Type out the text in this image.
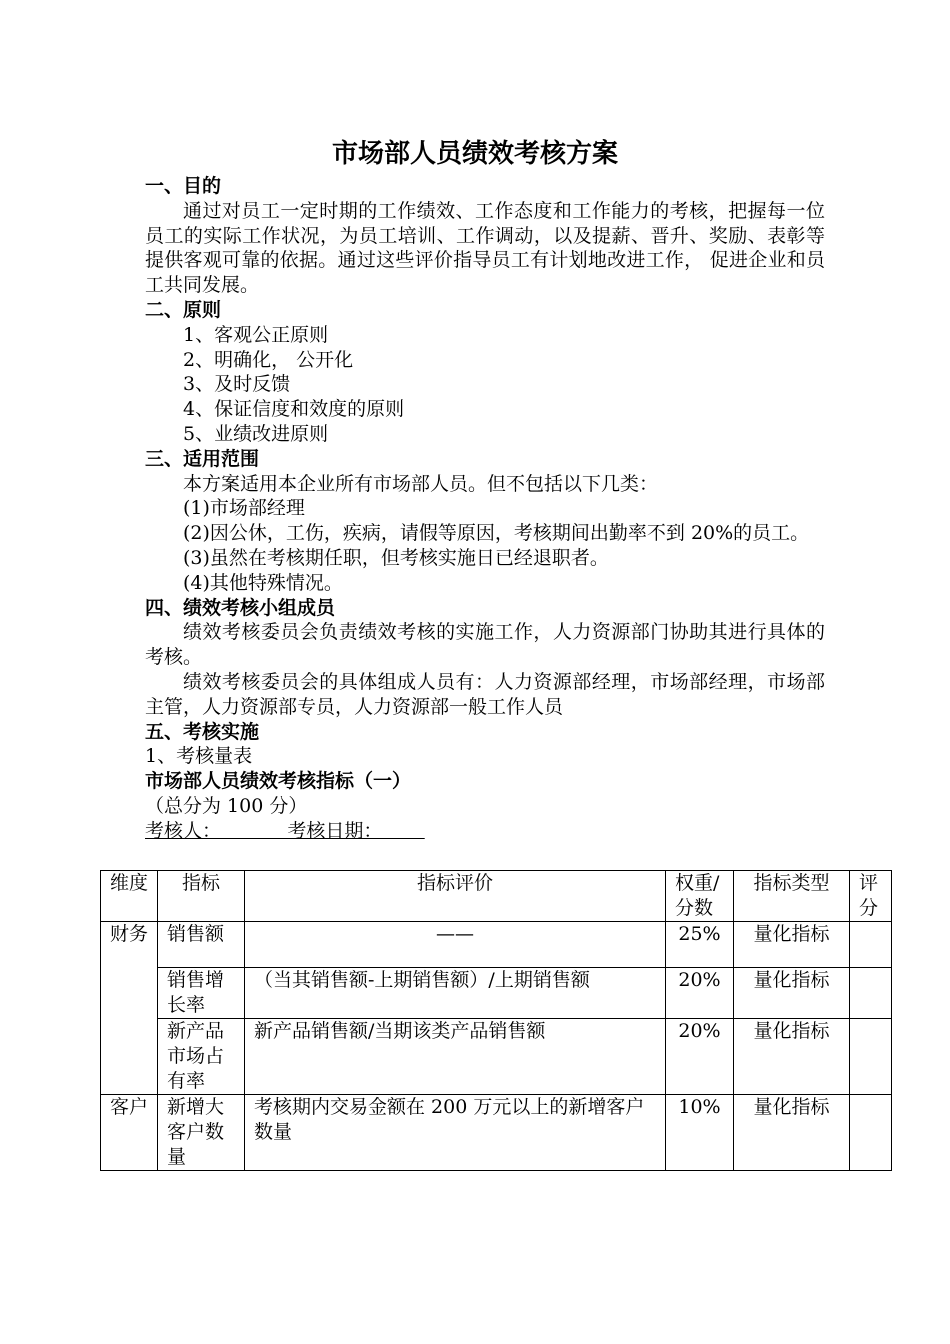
市场部人员绩效考核方案
一、目的
通过对员工一定时期的工作绩效、工作态度和工作能力的考核，把握每一位员工的实际工作状况，为员工培训、工作调动，以及提薪、晋升、奖励、表彰等提供客观可靠的依据。通过这些评价指导员工有计划地改进工作， 促进企业和员工共同发展。
二、原则
1、客观公正原则
2、明确化， 公开化
3、及时反馈
4、保证信度和效度的原则
5、业绩改进原则
三、适用范围
本方案适用本企业所有市场部人员。但不包括以下几类：
(1)市场部经理
(2)因公休，工伤，疾病，请假等原因，考核期间出勤率不到 20%的员工。
(3)虽然在考核期任职，但考核实施日已经退职者。
(4)其他特殊情况。
四、绩效考核小组成员
绩效考核委员会负责绩效考核的实施工作，人力资源部门协助其进行具体的考核。
绩效考核委员会的具体组成人员有：人力资源部经理，市场部经理，市场部主管，人力资源部专员，人力资源部一般工作人员
五、考核实施
1、考核量表
市场部人员绩效考核指标（一）
（总分为 100 分）
考核人：           考核日期：
维度	指标	指标评价	权重/分数	指标类型	评分
财务	销售额	——	25%	量化指标	
	销售增长率	（当其销售额-上期销售额）/上期销售额	20%	量化指标	
	新产品市场占有率	新产品销售额/当期该类产品销售额	20%	量化指标	
客户	新增大客户数量	考核期内交易金额在 200 万元以上的新增客户数量	10%	量化指标	
